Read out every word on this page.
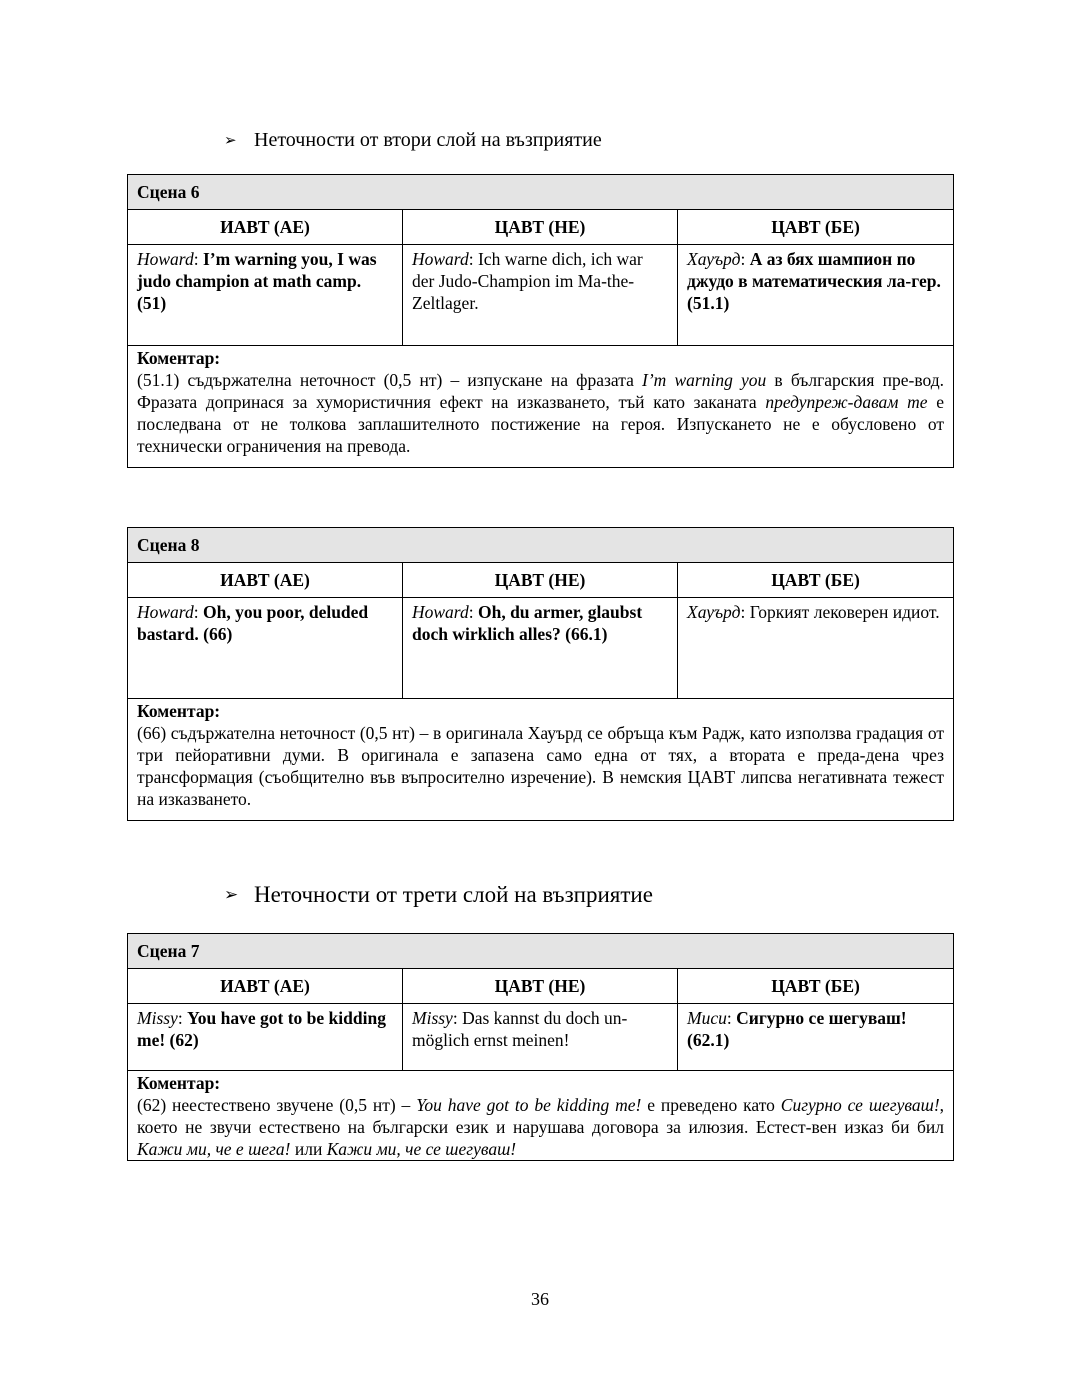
➢ Неточности от втори слой на възприятие
Сцена 6		
ИАВТ (АЕ)	ЦАВТ (НЕ)	ЦАВТ (БЕ)
Howard: I’m warning you, I was judo champion at math camp. (51)	Howard: Ich warne dich, ich war der Judo-Champion im Ma-the-Zeltlager.	Хауърд: А аз бях шампион по джудо в математическия ла-гер. (51.1)

Коментар:
(51.1) съдържателна неточност (0,5 нт) – изпускане на фразата I’m warning you в българския пре-вод. Фразата допринася за хумористичния ефект на изказването, тъй като заканата предупреж-давам те е последвана от не толкова заплашителното постижение на героя. Изпускането не е обусловено от технически ограничения на превода.		
Сцена 8		
ИАВТ (АЕ)	ЦАВТ (НЕ)	ЦАВТ (БЕ)
Howard: Oh, you poor, deluded bastard. (66)	Howard: Oh, du armer, glaubst doch wirklich alles? (66.1)	Хауърд: Горкият лековерен идиот.

Коментар:
(66) съдържателна неточност (0,5 нт) – в оригинала Хауърд се обръща към Радж, като използва градация от три пейоративни думи. В оригинала е запазена само една от тях, а втората е преда-дена чрез трансформация (съобщително във въпросително изречение). В немския ЦАВТ липсва негативната тежест на изказването.		
➢ Неточности от трети слой на възприятие
Сцена 7		
ИАВТ (АЕ)	ЦАВТ (НЕ)	ЦАВТ (БЕ)
Missy: You have got to be kidding me! (62)	Missy: Das kannst du doch un-möglich ernst meinen!	Миси: Сигурно се шегуваш! (62.1)

Коментар:
(62) неестествено звучене (0,5 нт) – You have got to be kidding me! е преведено като Сигурно се шегуваш!, което не звучи естествено на български език и нарушава договора за илюзия. Естест-вен изказ би бил Кажи ми, че е шега! или Кажи ми, че се шегуваш!		
36
